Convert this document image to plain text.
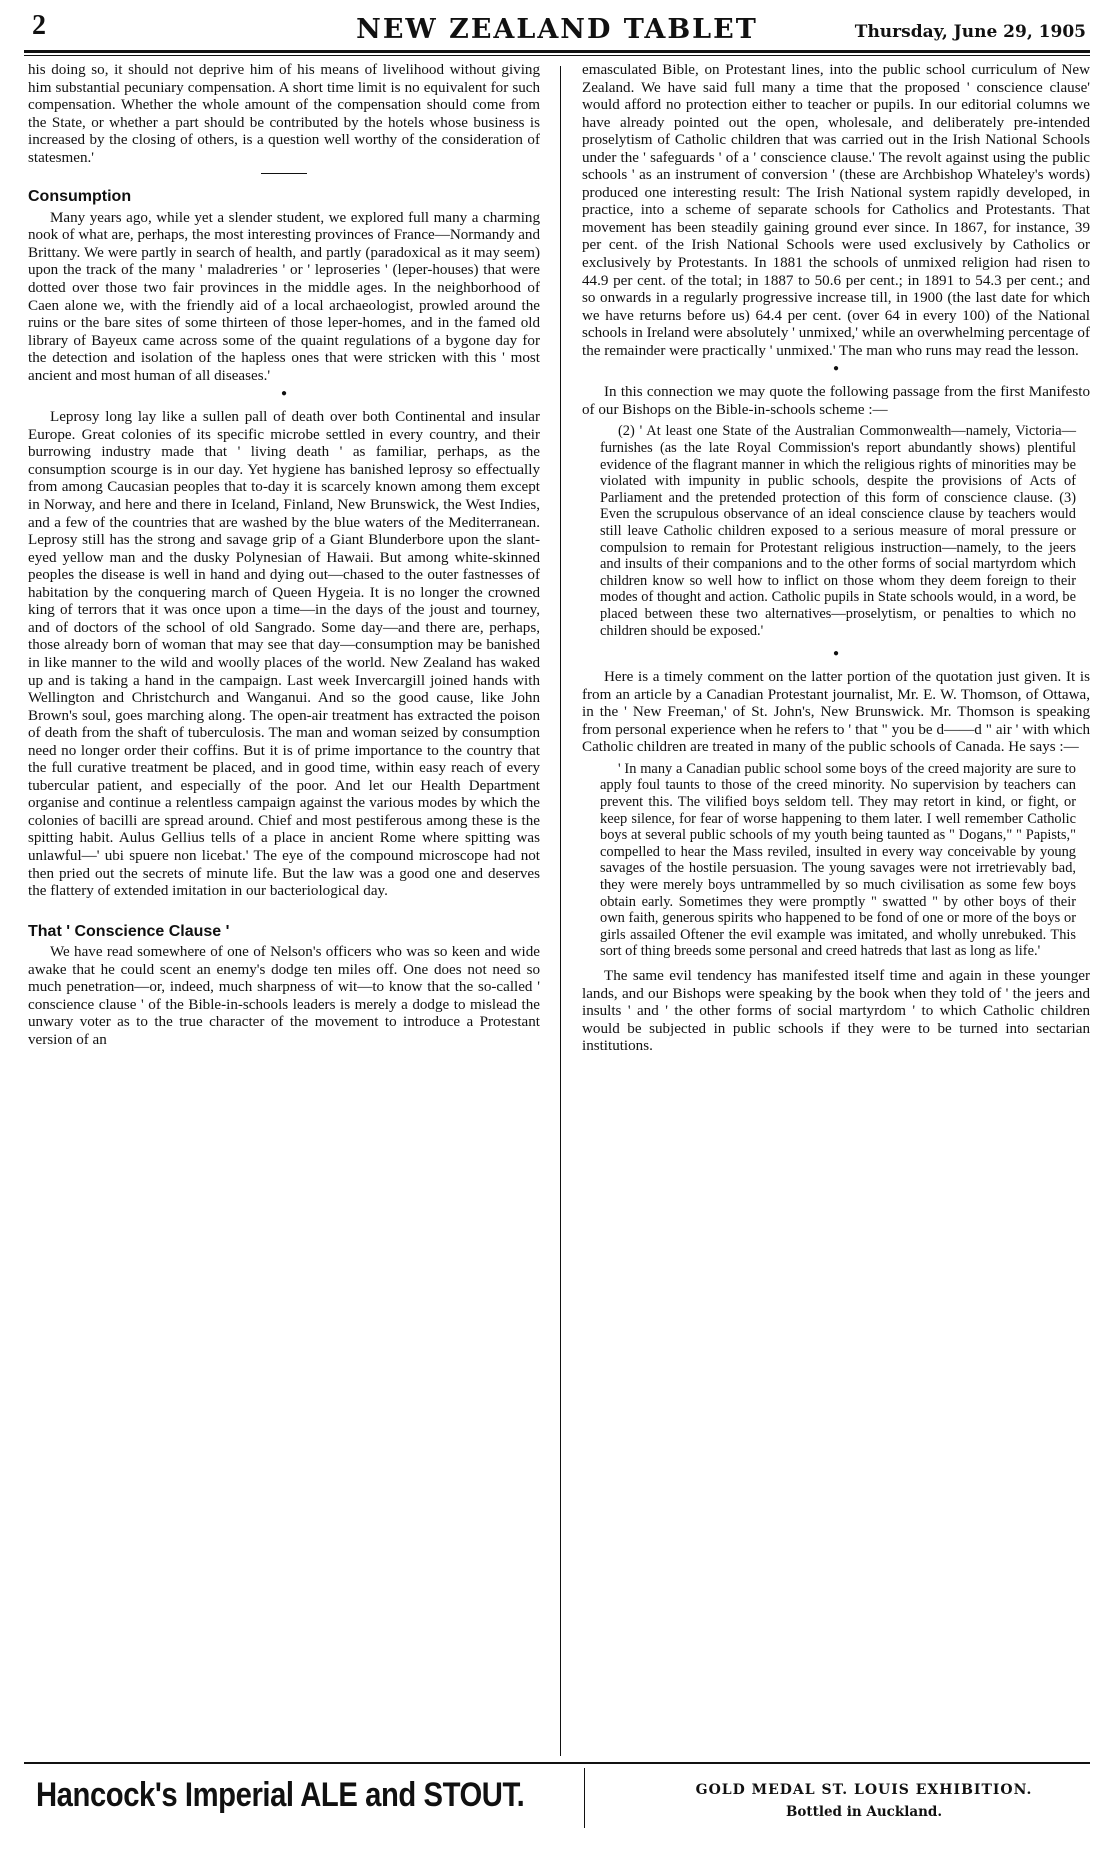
2	NEW ZEALAND TABLET	Thursday, June 29, 1905

his doing so, it should not deprive him of his means of livelihood without giving him substantial pecuniary compensation. A short time limit is no equivalent for such compensation. Whether the whole amount of the compensation should come from the State, or whether a part should be contributed by the hotels whose business is increased by the closing of others, is a question well worthy of the consideration of statesmen.'

Consumption

Many years ago, while yet a slender student, we explored full many a charming nook of what are, perhaps, the most interesting provinces of France—Normandy and Brittany. We were partly in search of health, and partly (paradoxical as it may seem) upon the track of the many ' maladreries ' or ' leproseries ' (leper-houses) that were dotted over those two fair provinces in the middle ages. In the neighborhood of Caen alone we, with the friendly aid of a local archaeologist, prowled around the ruins or the bare sites of some thirteen of those leper-homes, and in the famed old library of Bayeux came across some of the quaint regulations of a bygone day for the detection and isolation of the hapless ones that were stricken with this ' most ancient and most human of all diseases.'

●

Leprosy long lay like a sullen pall of death over both Continental and insular Europe. Great colonies of its specific microbe settled in every country, and their burrowing industry made that ' living death ' as familiar, perhaps, as the consumption scourge is in our day. Yet hygiene has banished leprosy so effectually from among Caucasian peoples that to-day it is scarcely known among them except in Norway, and here and there in Iceland, Finland, New Brunswick, the West Indies, and a few of the countries that are washed by the blue waters of the Mediterranean. Leprosy still has the strong and savage grip of a Giant Blunderbore upon the slant-eyed yellow man and the dusky Polynesian of Hawaii. But among white-skinned peoples the disease is well in hand and dying out—chased to the outer fastnesses of habitation by the conquering march of Queen Hygeia. It is no longer the crowned king of terrors that it was once upon a time—in the days of the joust and tourney, and of doctors of the school of old Sangrado. Some day—and there are, perhaps, those already born of woman that may see that day—consumption may be banished in like manner to the wild and woolly places of the world. New Zealand has waked up and is taking a hand in the campaign. Last week Invercargill joined hands with Wellington and Christchurch and Wanganui. And so the good cause, like John Brown's soul, goes marching along. The open-air treatment has extracted the poison of death from the shaft of tuberculosis. The man and woman seized by consumption need no longer order their coffins. But it is of prime importance to the country that the full curative treatment be placed, and in good time, within easy reach of every tubercular patient, and especially of the poor. And let our Health Department organise and continue a relentless campaign against the various modes by which the colonies of bacilli are spread around. Chief and most pestiferous among these is the spitting habit. Aulus Gellius tells of a place in ancient Rome where spitting was unlawful—' ubi spuere non licebat.' The eye of the compound microscope had not then pried out the secrets of minute life. But the law was a good one and deserves the flattery of extended imitation in our bacteriological day.

That ' Conscience Clause '

We have read somewhere of one of Nelson's officers who was so keen and wide awake that he could scent an enemy's dodge ten miles off. One does not need so much penetration—or, indeed, much sharpness of wit—to know that the so-called ' conscience clause ' of the Bible-in-schools leaders is merely a dodge to mislead the unwary voter as to the true character of the movement to introduce a Protestant version of an

emasculated Bible, on Protestant lines, into the public school curriculum of New Zealand. We have said full many a time that the proposed ' conscience clause' would afford no protection either to teacher or pupils. In our editorial columns we have already pointed out the open, wholesale, and deliberately pre-intended proselytism of Catholic children that was carried out in the Irish National Schools under the ' safeguards ' of a ' conscience clause.' The revolt against using the public schools ' as an instrument of conversion ' (these are Archbishop Whateley's words) produced one interesting result: The Irish National system rapidly developed, in practice, into a scheme of separate schools for Catholics and Protestants. That movement has been steadily gaining ground ever since. In 1867, for instance, 39 per cent. of the Irish National Schools were used exclusively by Catholics or exclusively by Protestants. In 1881 the schools of unmixed religion had risen to 44.9 per cent. of the total; in 1887 to 50.6 per cent.; in 1891 to 54.3 per cent.; and so onwards in a regularly progressive increase till, in 1900 (the last date for which we have returns before us) 64.4 per cent. (over 64 in every 100) of the National schools in Ireland were absolutely ' unmixed,' while an overwhelming percentage of the remainder were practically ' unmixed.' The man who runs may read the lesson.

●

In this connection we may quote the following passage from the first Manifesto of our Bishops on the Bible-in-schools scheme :—

(2) ' At least one State of the Australian Commonwealth—namely, Victoria—furnishes (as the late Royal Commission's report abundantly shows) plentiful evidence of the flagrant manner in which the religious rights of minorities may be violated with impunity in public schools, despite the provisions of Acts of Parliament and the pretended protection of this form of conscience clause. (3) Even the scrupulous observance of an ideal conscience clause by teachers would still leave Catholic children exposed to a serious measure of moral pressure or compulsion to remain for Protestant religious instruction—namely, to the jeers and insults of their companions and to the other forms of social martyrdom which children know so well how to inflict on those whom they deem foreign to their modes of thought and action. Catholic pupils in State schools would, in a word, be placed between these two alternatives—proselytism, or penalties to which no children should be exposed.'

●

Here is a timely comment on the latter portion of the quotation just given. It is from an article by a Canadian Protestant journalist, Mr. E. W. Thomson, of Ottawa, in the ' New Freeman,' of St. John's, New Brunswick. Mr. Thomson is speaking from personal experience when he refers to ' that " you be d——d " air ' with which Catholic children are treated in many of the public schools of Canada. He says :—

' In many a Canadian public school some boys of the creed majority are sure to apply foul taunts to those of the creed minority. No supervision by teachers can prevent this. The vilified boys seldom tell. They may retort in kind, or fight, or keep silence, for fear of worse happening to them later. I well remember Catholic boys at several public schools of my youth being taunted as " Dogans," " Papists," compelled to hear the Mass reviled, insulted in every way conceivable by young savages of the hostile persuasion. The young savages were not irretrievably bad, they were merely boys untrammelled by so much civilisation as some few boys obtain early. Sometimes they were promptly " swatted " by other boys of their own faith, generous spirits who happened to be fond of one or more of the boys or girls assailed Oftener the evil example was imitated, and wholly unrebuked. This sort of thing breeds some personal and creed hatreds that last as long as life.'

The same evil tendency has manifested itself time and again in these younger lands, and our Bishops were speaking by the book when they told of ' the jeers and insults ' and ' the other forms of social martyrdom ' to which Catholic children would be subjected in public schools if they were to be turned into sectarian institutions.

Hancock's Imperial ALE and STOUT.	GOLD MEDAL ST. LOUIS EXHIBITION.
Bottled in Auckland.
